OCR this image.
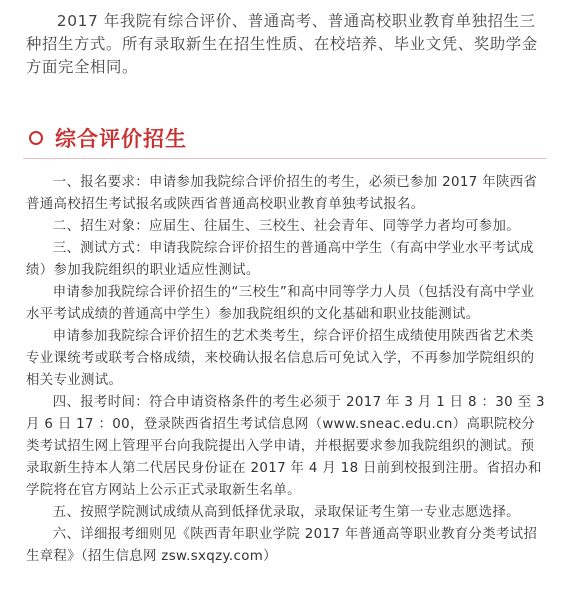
2017 年我院有综合评价、普通高考、普通高校职业教育单独招生三种招生方式。所有录取新生在招生性质、在校培养、毕业文凭、奖助学金方面完全相同。

综合评价招生

一、报名要求：申请参加我院综合评价招生的考生，必须已参加 2017 年陕西省普通高校招生考试报名或陕西省普通高校职业教育单独考试报名。

二、招生对象：应届生、往届生、三校生、社会青年、同等学力者均可参加。

三、测试方式：申请我院综合评价招生的普通高中学生（有高中学业水平考试成绩）参加我院组织的职业适应性测试。

申请参加我院综合评价招生的“三校生”和高中同等学力人员（包括没有高中学业水平考试成绩的普通高中学生）参加我院组织的文化基础和职业技能测试。

申请参加我院综合评价招生的艺术类考生，综合评价招生成绩使用陕西省艺术类专业课统考或联考合格成绩，来校确认报名信息后可免试入学，不再参加学院组织的相关专业测试。

四、报考时间：符合申请资格条件的考生必须于 2017 年 3 月 1 日 8 ：30 至 3 月 6 日 17 ：00，登录陕西省招生考试信息网（www.sneac.edu.cn）高职院校分类考试招生网上管理平台向我院提出入学申请，并根据要求参加我院组织的测试。预录取新生持本人第二代居民身份证在 2017 年 4 月 18 日前到校报到注册。省招办和学院将在官方网站上公示正式录取新生名单。

五、按照学院测试成绩从高到低择优录取，录取保证考生第一专业志愿选择。

六、详细报考细则见《陕西青年职业学院 2017 年普通高等职业教育分类考试招生章程》（招生信息网 zsw.sxqzy.com）
